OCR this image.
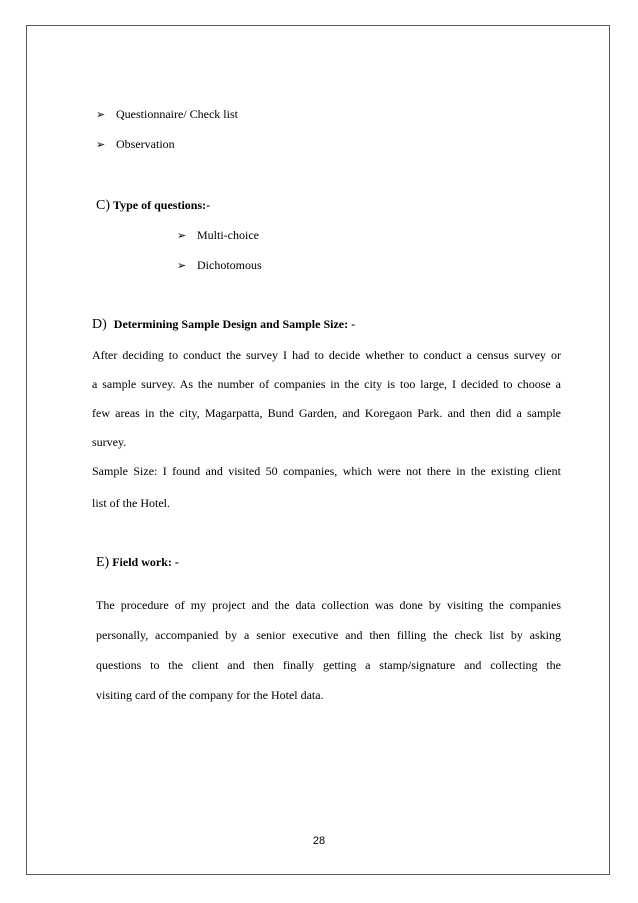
➢ Questionnaire/ Check list
➢ Observation
C) Type of questions:-
➢ Multi-choice
➢ Dichotomous
D) Determining Sample Design and Sample Size: -
After deciding to conduct the survey I had to decide whether to conduct a census survey or
a sample survey. As the number of companies in the city is too large, I decided to choose a
few areas in the city, Magarpatta, Bund Garden, and Koregaon Park. and then did a sample
survey.
Sample Size: I found and visited 50 companies, which were not there in the existing client
list of the Hotel.
E) Field work: -
The procedure of my project and the data collection was done by visiting the companies
personally, accompanied by a senior executive and then filling the check list by asking
questions to the client and then finally getting a stamp/signature and collecting the
visiting card of the company for the Hotel data.
28
